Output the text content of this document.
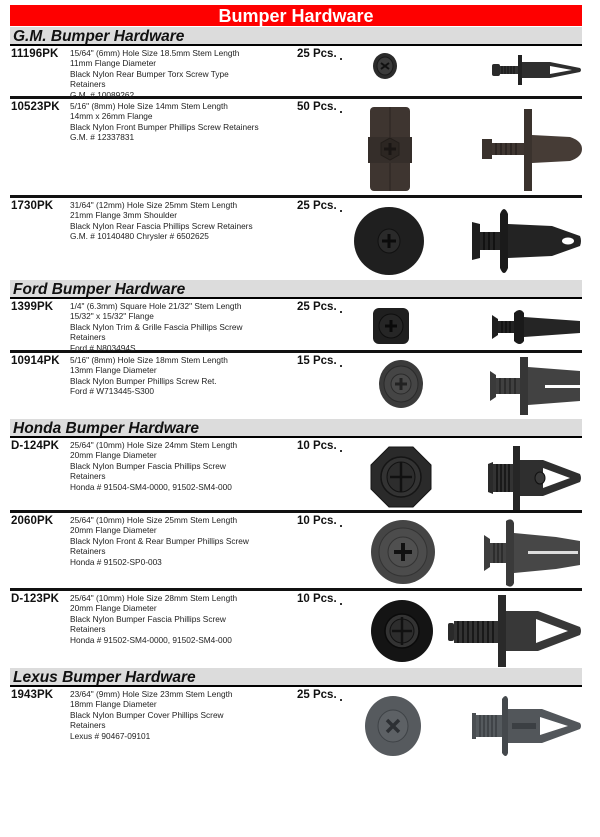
Bumper Hardware
G.M. Bumper Hardware
11196PK 15/64" (6mm) Hole Size 18.5mm Stem Length
11mm Flange Diameter
Black Nylon Rear Bumper Torx Screw Type
Retainers
G.M. # 10089262
25 Pcs.
10523PK 5/16" (8mm) Hole Size 14mm Stem Length
14mm x 26mm Flange
Black Nylon Front Bumper Phillips Screw Retainers
G.M. # 12337831
50 Pcs.
1730PK 31/64" (12mm) Hole Size 25mm Stem Length
21mm Flange 3mm Shoulder
Black Nylon Rear Fascia Phillips Screw Retainers
G.M. # 10140480 Chrysler # 6502625
25 Pcs.
Ford Bumper Hardware
1399PK 1/4" (6.3mm) Square Hole 21/32" Stem Length
15/32" x 15/32" Flange
Black Nylon Trim & Grille Fascia Phillips Screw
Retainers
Ford # N803494S
25 Pcs.
10914PK 5/16" (8mm) Hole Size 18mm Stem Length
13mm Flange Diameter
Black Nylon Bumper Phillips Screw Ret.
Ford # W713445-S300
15 Pcs.
Honda Bumper Hardware
D-124PK 25/64" (10mm) Hole Size 24mm Stem Length
20mm Flange Diameter
Black Nylon Bumper Fascia Phillips Screw
Retainers
Honda # 91504-SM4-0000, 91502-SM4-000
10 Pcs.
2060PK 25/64" (10mm) Hole Size 25mm Stem Length
20mm Flange Diameter
Black Nylon Front & Rear Bumper Phillips Screw
Retainers
Honda # 91502-SP0-003
10 Pcs.
D-123PK 25/64" (10mm) Hole Size 28mm Stem Length
20mm Flange Diameter
Black Nylon Bumper Fascia Phillips Screw
Retainers
Honda # 91502-SM4-0000, 91502-SM4-000
10 Pcs.
Lexus Bumper Hardware
1943PK 23/64" (9mm) Hole Size 23mm Stem Length
18mm Flange Diameter
Black Nylon Bumper Cover Phillips Screw
Retainers
Lexus # 90467-09101
25 Pcs.
